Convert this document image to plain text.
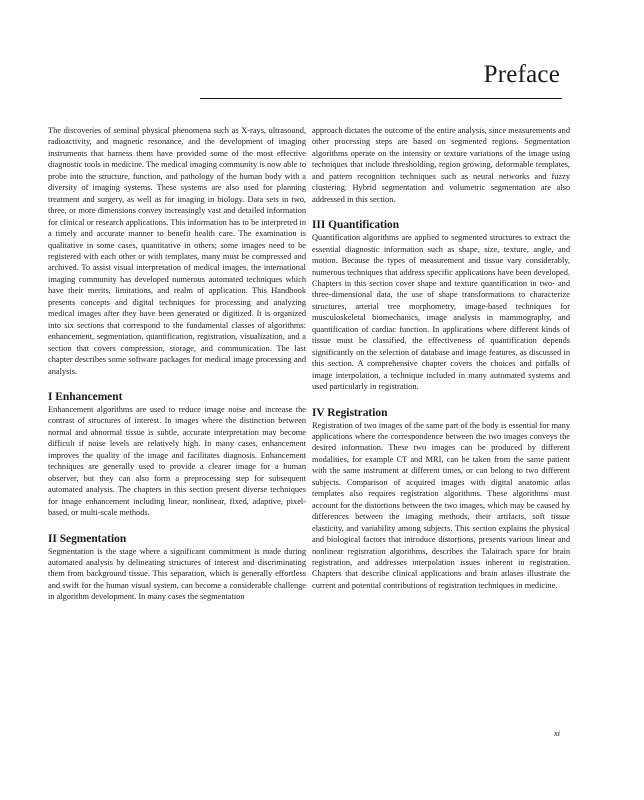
Preface

The discoveries of seminal physical phenomena such as X-rays, ultrasound, radioactivity, and magnetic resonance, and the development of imaging instruments that harness them have provided some of the most effective diagnostic tools in medicine. The medical imaging community is now able to probe into the structure, function, and pathology of the human body with a diversity of imaging systems. These systems are also used for planning treatment and surgery, as well as for imaging in biology. Data sets in two, three, or more dimensions convey increasingly vast and detailed information for clinical or research applications. This information has to be interpreted in a timely and accurate manner to benefit health care. The examination is qualitative in some cases, quantitative in others; some images need to be registered with each other or with templates, many must be compressed and archived. To assist visual interpretation of medical images, the international imaging community has developed numerous automated techniques which have their merits, limitations, and realm of application. This Handbook presents concepts and digital techniques for processing and analyzing medical images after they have been generated or digitized. It is organized into six sections that correspond to the fundamental classes of algorithms: enhancement, segmentation, quantification, registration, visualization, and a section that covers compression, storage, and communication. The last chapter describes some software packages for medical image processing and analysis.

I Enhancement

Enhancement algorithms are used to reduce image noise and increase the contrast of structures of interest. In images where the distinction between normal and abnormal tissue is subtle, accurate interpretation may become difficult if noise levels are relatively high. In many cases, enhancement improves the quality of the image and facilitates diagnosis. Enhancement techniques are generally used to provide a clearer image for a human observer, but they can also form a preprocessing step for subsequent automated analysis. The chapters in this section present diverse techniques for image enhancement including linear, nonlinear, fixed, adaptive, pixel-based, or multi-scale methods.

II Segmentation

Segmentation is the stage where a significant commitment is made during automated analysis by delineating structures of interest and discriminating them from background tissue. This separation, which is generally effortless and swift for the human visual system, can become a considerable challenge in algorithm development. In many cases the segmentation

approach dictates the outcome of the entire analysis, since measurements and other processing steps are based on segmented regions. Segmentation algorithms operate on the intensity or texture variations of the image using techniques that include thresholding, region growing, deformable templates, and pattern recognition techniques such as neural networks and fuzzy clustering. Hybrid segmentation and volumetric segmentation are also addressed in this section.

III Quantification

Quantification algorithms are applied to segmented structures to extract the essential diagnostic information such as shape, size, texture, angle, and motion. Because the types of measurement and tissue vary considerably, numerous techniques that address specific applications have been developed. Chapters in this section cover shape and texture quantification in two- and three-dimensional data, the use of shape transformations to characterize structures, arterial tree morphometry, image-based techniques for musculoskeletal biomechanics, image analysis in mammography, and quantification of cardiac function. In applications where different kinds of tissue must be classified, the effectiveness of quantification depends significantly on the selection of database and image features, as discussed in this section. A comprehensive chapter covers the choices and pitfalls of image interpolation, a technique included in many automated systems and used particularly in registration.

IV Registration

Registration of two images of the same part of the body is essential for many applications where the correspondence between the two images conveys the desired information. These two images can be produced by different modalities, for example CT and MRI, can be taken from the same patient with the same instrument at different times, or can belong to two different subjects. Comparison of acquired images with digital anatomic atlas templates also requires registration algorithms. These algorithms must account for the distortions between the two images, which may be caused by differences between the imaging methods, their artifacts, soft tissue elasticity, and variability among subjects. This section explains the physical and biological factors that introduce distortions, presents various linear and nonlinear registration algorithms, describes the Talairach space for brain registration, and addresses interpolation issues inherent in registration. Chapters that describe clinical applications and brain atlases illustrate the current and potential contributions of registration techniques in medicine.

xi
